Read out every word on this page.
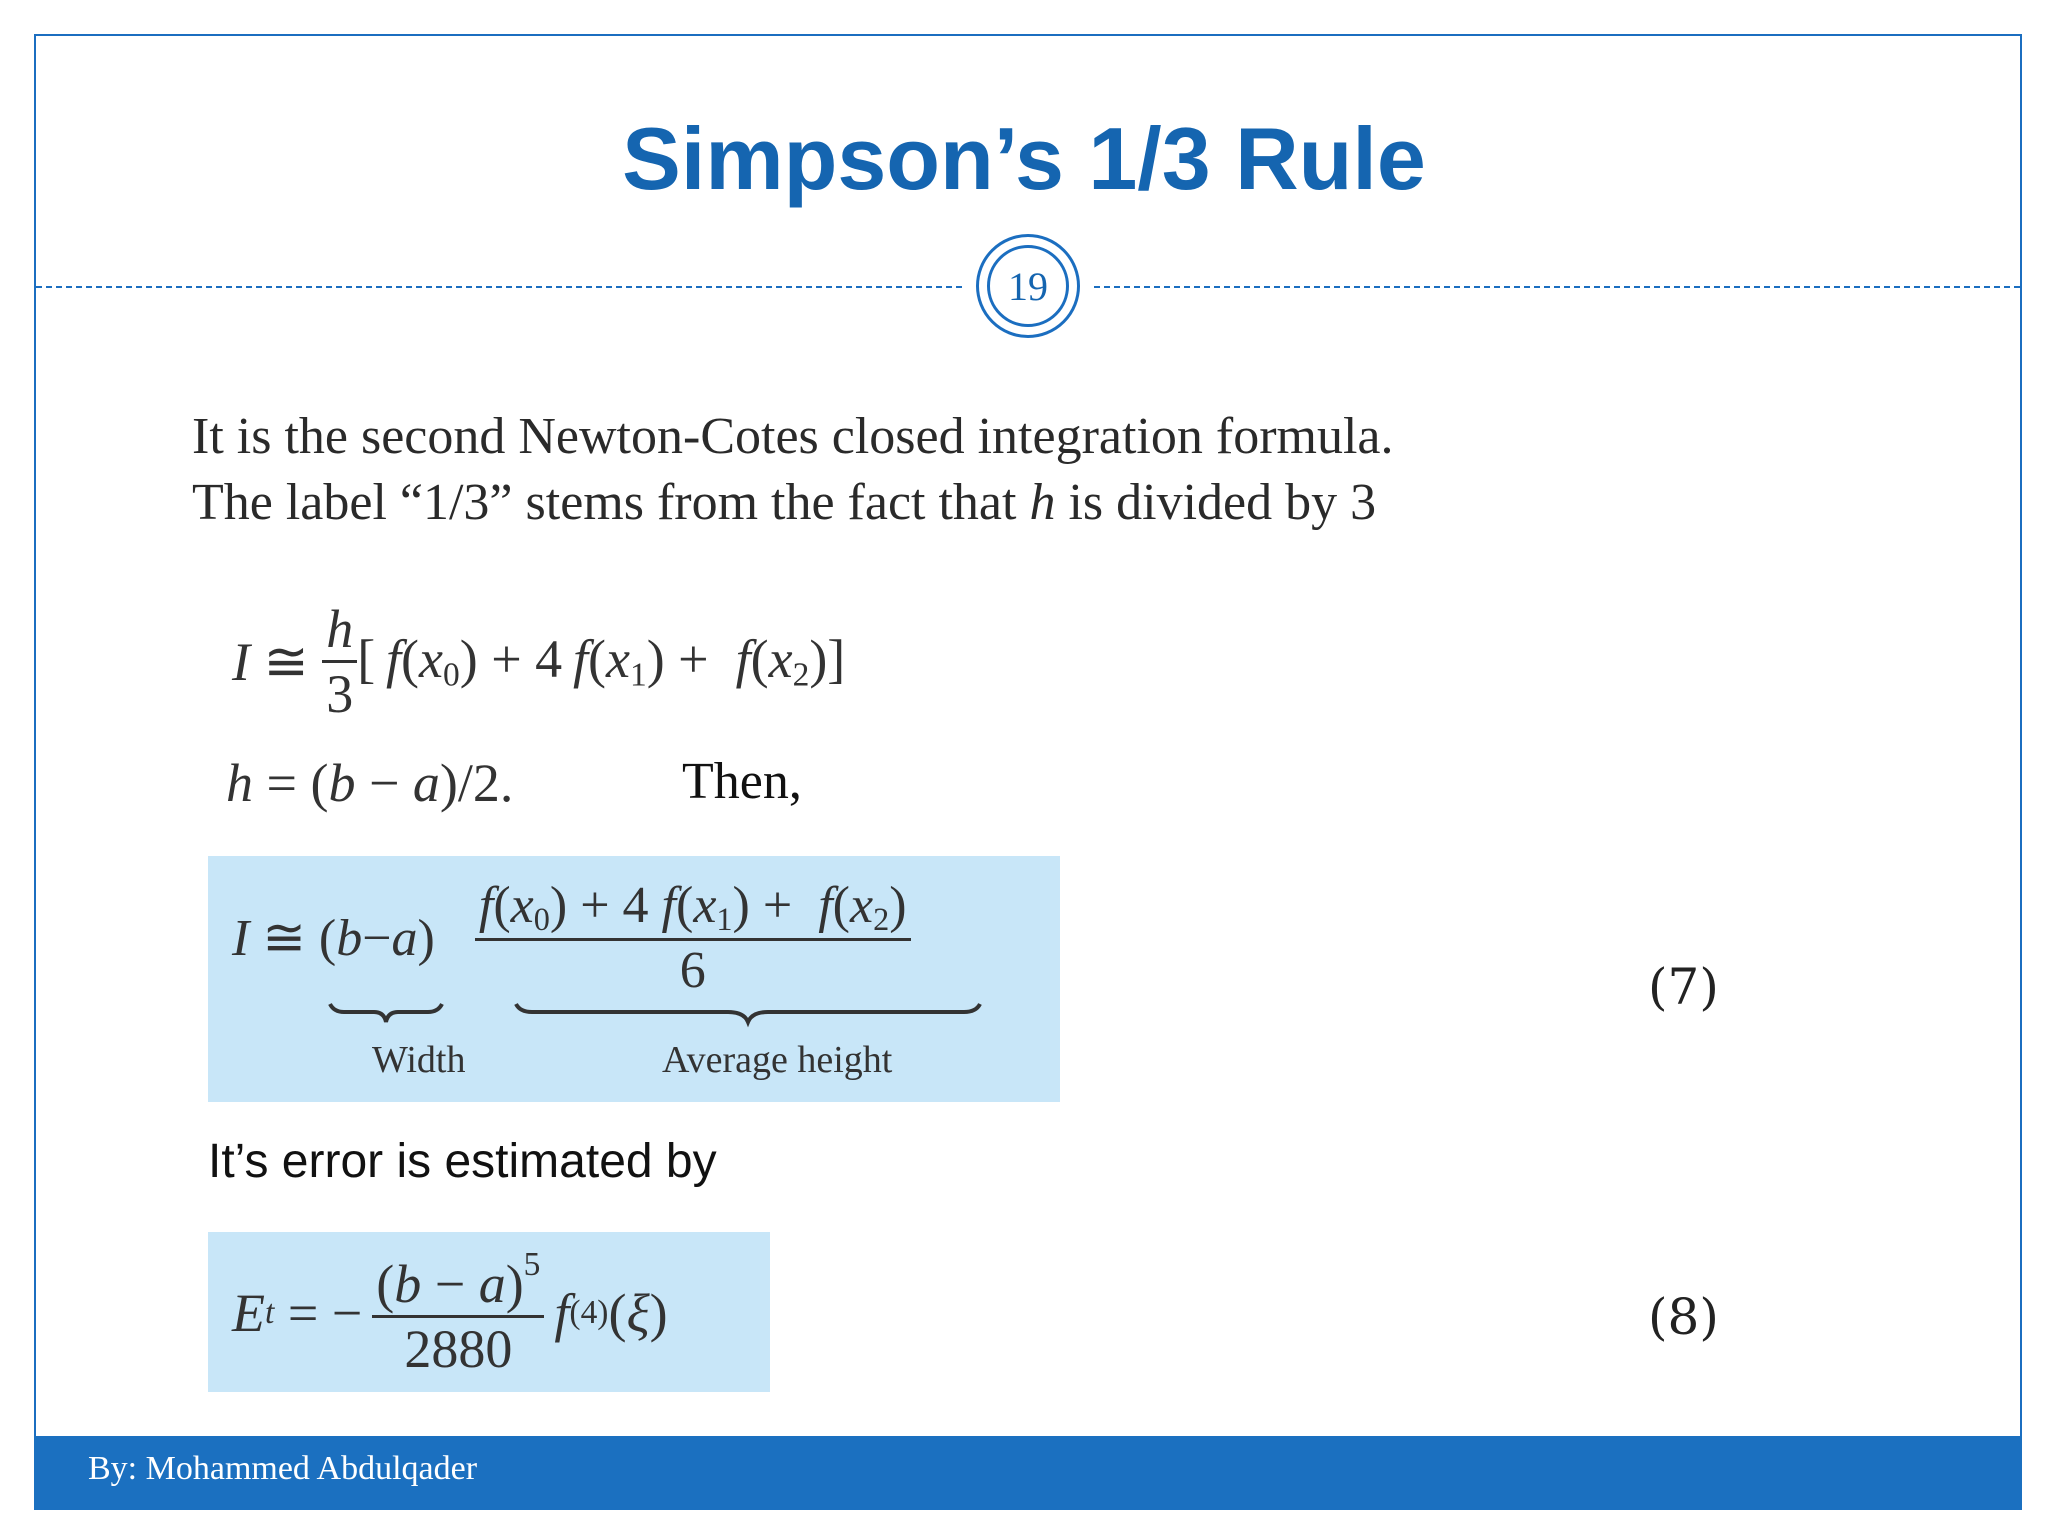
Simpson’s 1/3 Rule
19
It is the second Newton-Cotes closed integration formula.
The label “1/3” stems from the fact that h is divided by 3
I ≅ $\frac{h}{3}$ [ $f(x_0) + 4$ $f(x_1) + f(x_2)$]
h = (b − a)/2.	Then,
I ≅ ( b − a ) $\frac{f(x_0) + 4 f(x_1) + f(x_2)}{6}$
Width	Average height
(7)
It’s error is estimated by
E t = − $\frac{(b - a)^5}{2880}$ f (4) ( ξ )	(8)
By: Mohammed Abdulqader
